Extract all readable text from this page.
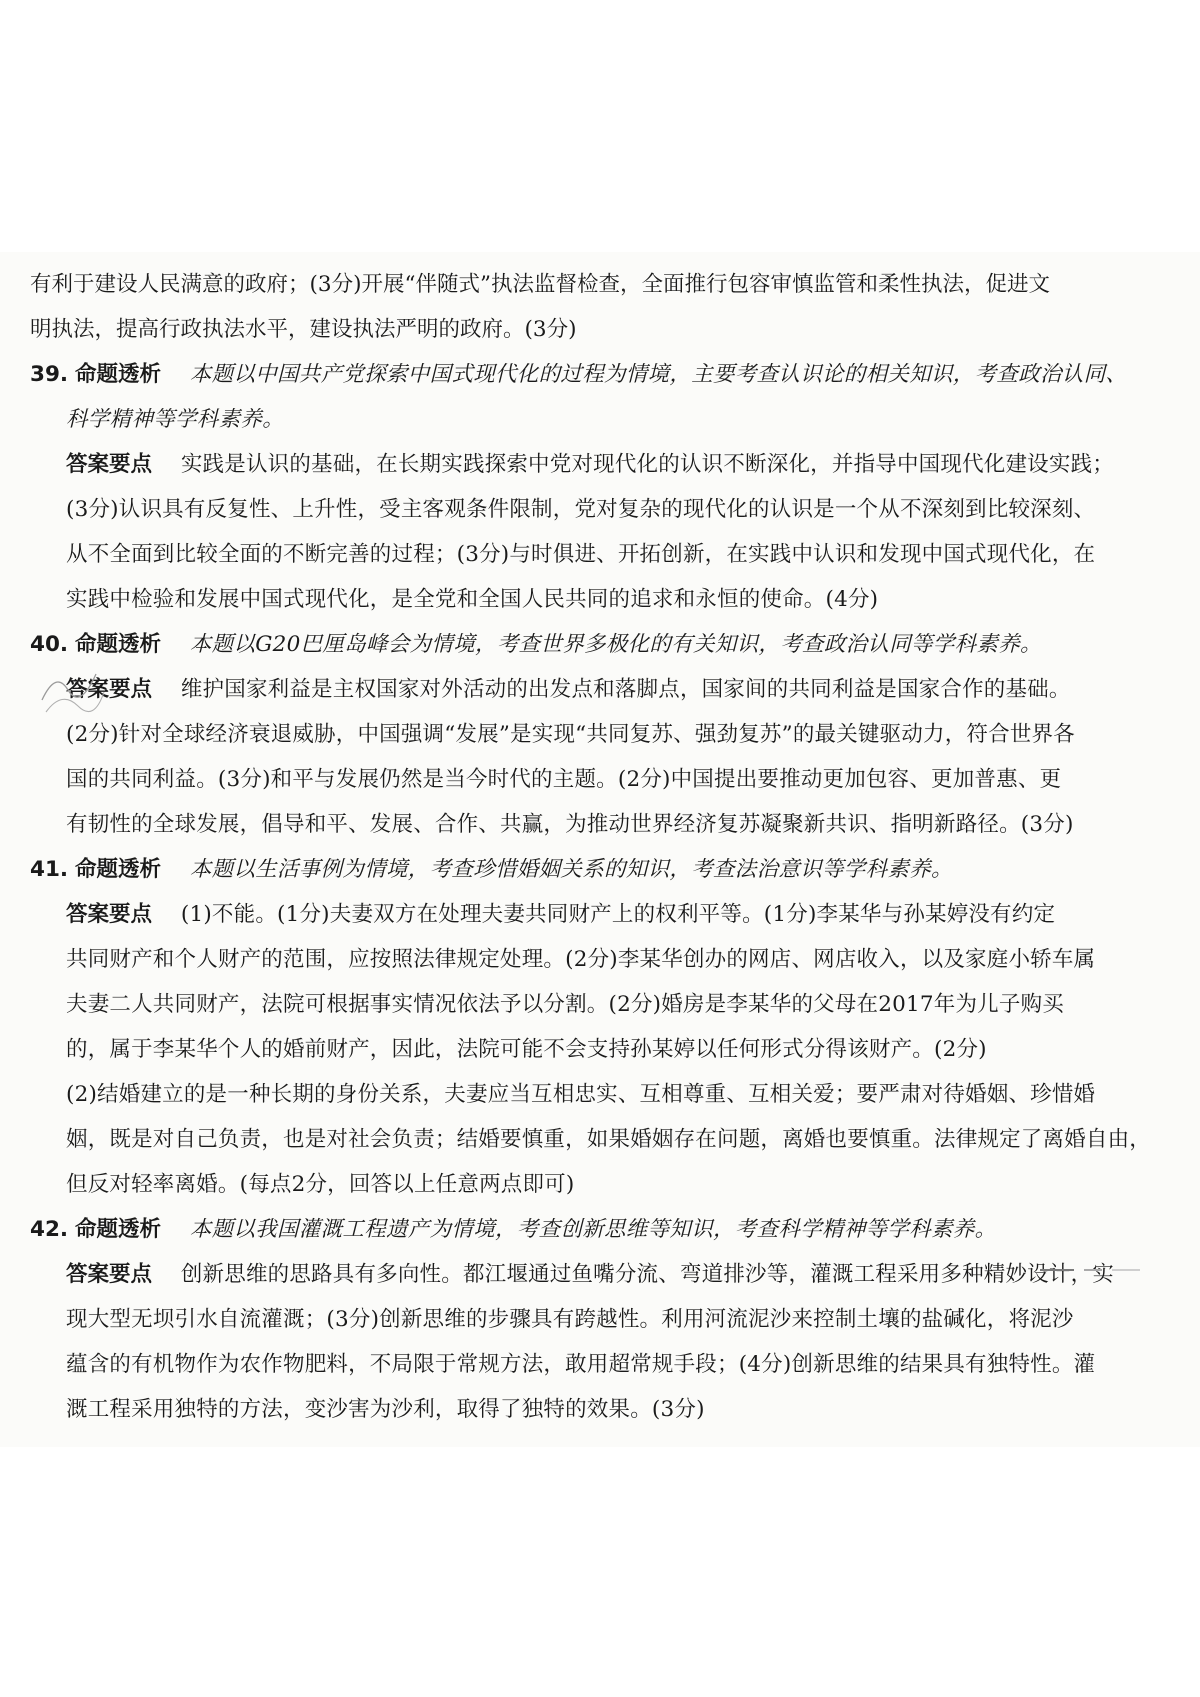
有利于建设人民满意的政府；(3分)开展“伴随式”执法监督检查，全面推行包容审慎监管和柔性执法，促进文
明执法，提高行政执法水平，建设执法严明的政府。(3分)
39. 命题透析 本题以中国共产党探索中国式现代化的过程为情境，主要考查认识论的相关知识，考查政治认同、
科学精神等学科素养。
答案要点 实践是认识的基础，在长期实践探索中党对现代化的认识不断深化，并指导中国现代化建设实践；
(3分)认识具有反复性、上升性，受主客观条件限制，党对复杂的现代化的认识是一个从不深刻到比较深刻、
从不全面到比较全面的不断完善的过程；(3分)与时俱进、开拓创新，在实践中认识和发现中国式现代化，在
实践中检验和发展中国式现代化，是全党和全国人民共同的追求和永恒的使命。(4分)
40. 命题透析 本题以G20巴厘岛峰会为情境，考查世界多极化的有关知识，考查政治认同等学科素养。
答案要点 维护国家利益是主权国家对外活动的出发点和落脚点，国家间的共同利益是国家合作的基础。
(2分)针对全球经济衰退威胁，中国强调“发展”是实现“共同复苏、强劲复苏”的最关键驱动力，符合世界各
国的共同利益。(3分)和平与发展仍然是当今时代的主题。(2分)中国提出要推动更加包容、更加普惠、更
有韧性的全球发展，倡导和平、发展、合作、共赢，为推动世界经济复苏凝聚新共识、指明新路径。(3分)
41. 命题透析 本题以生活事例为情境，考查珍惜婚姻关系的知识，考查法治意识等学科素养。
答案要点 (1)不能。(1分)夫妻双方在处理夫妻共同财产上的权利平等。(1分)李某华与孙某婷没有约定
共同财产和个人财产的范围，应按照法律规定处理。(2分)李某华创办的网店、网店收入，以及家庭小轿车属
夫妻二人共同财产，法院可根据事实情况依法予以分割。(2分)婚房是李某华的父母在2017年为儿子购买
的，属于李某华个人的婚前财产，因此，法院可能不会支持孙某婷以任何形式分得该财产。(2分)
(2)结婚建立的是一种长期的身份关系，夫妻应当互相忠实、互相尊重、互相关爱；要严肃对待婚姻、珍惜婚
姻，既是对自己负责，也是对社会负责；结婚要慎重，如果婚姻存在问题，离婚也要慎重。法律规定了离婚自由，
但反对轻率离婚。(每点2分，回答以上任意两点即可)
42. 命题透析 本题以我国灌溉工程遗产为情境，考查创新思维等知识，考查科学精神等学科素养。
答案要点 创新思维的思路具有多向性。都江堰通过鱼嘴分流、弯道排沙等，灌溉工程采用多种精妙设计，实
现大型无坝引水自流灌溉；(3分)创新思维的步骤具有跨越性。利用河流泥沙来控制土壤的盐碱化，将泥沙
蕴含的有机物作为农作物肥料，不局限于常规方法，敢用超常规手段；(4分)创新思维的结果具有独特性。灌
溉工程采用独特的方法，变沙害为沙利，取得了独特的效果。(3分)
